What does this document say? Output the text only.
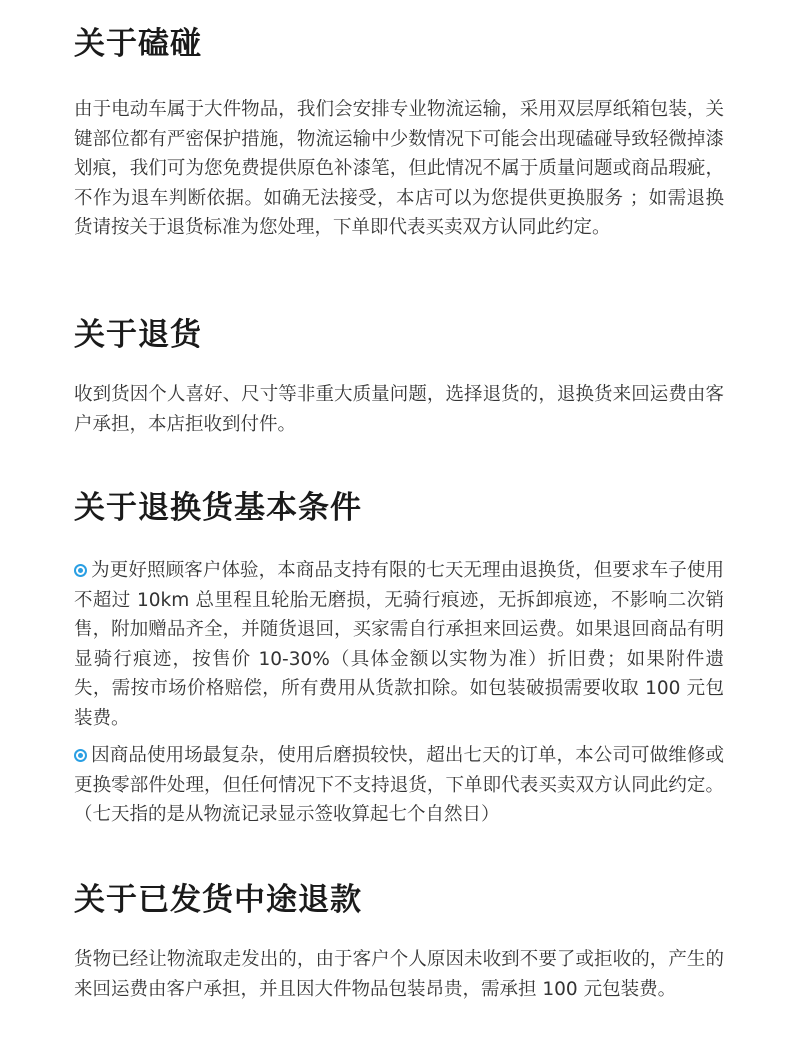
关于磕碰

由于电动车属于大件物品，我们会安排专业物流运输，采用双层厚纸箱包装，关键部位都有严密保护措施，物流运输中少数情况下可能会出现磕碰导致轻微掉漆划痕，我们可为您免费提供原色补漆笔，但此情况不属于质量问题或商品瑕疵，不作为退车判断依据。如确无法接受，本店可以为您提供更换服务 ；如需退换货请按关于退货标准为您处理，下单即代表买卖双方认同此约定。

关于退货

收到货因个人喜好、尺寸等非重大质量问题，选择退货的，退换货来回运费由客户承担，本店拒收到付件。

关于退换货基本条件

为更好照顾客户体验，本商品支持有限的七天无理由退换货，但要求车子使用不超过 10km 总里程且轮胎无磨损，无骑行痕迹，无拆卸痕迹，不影响二次销售，附加赠品齐全，并随货退回，买家需自行承担来回运费。如果退回商品有明显骑行痕迹，按售价 10-30%（具体金额以实物为准）折旧费；如果附件遗失，需按市场价格赔偿，所有费用从货款扣除。如包装破损需要收取 100 元包装费。

因商品使用场最复杂，使用后磨损较快，超出七天的订单，本公司可做维修或更换零部件处理，但任何情况下不支持退货，下单即代表买卖双方认同此约定。（七天指的是从物流记录显示签收算起七个自然日）

关于已发货中途退款

货物已经让物流取走发出的，由于客户个人原因未收到不要了或拒收的，产生的来回运费由客户承担，并且因大件物品包装昂贵，需承担 100 元包装费。
